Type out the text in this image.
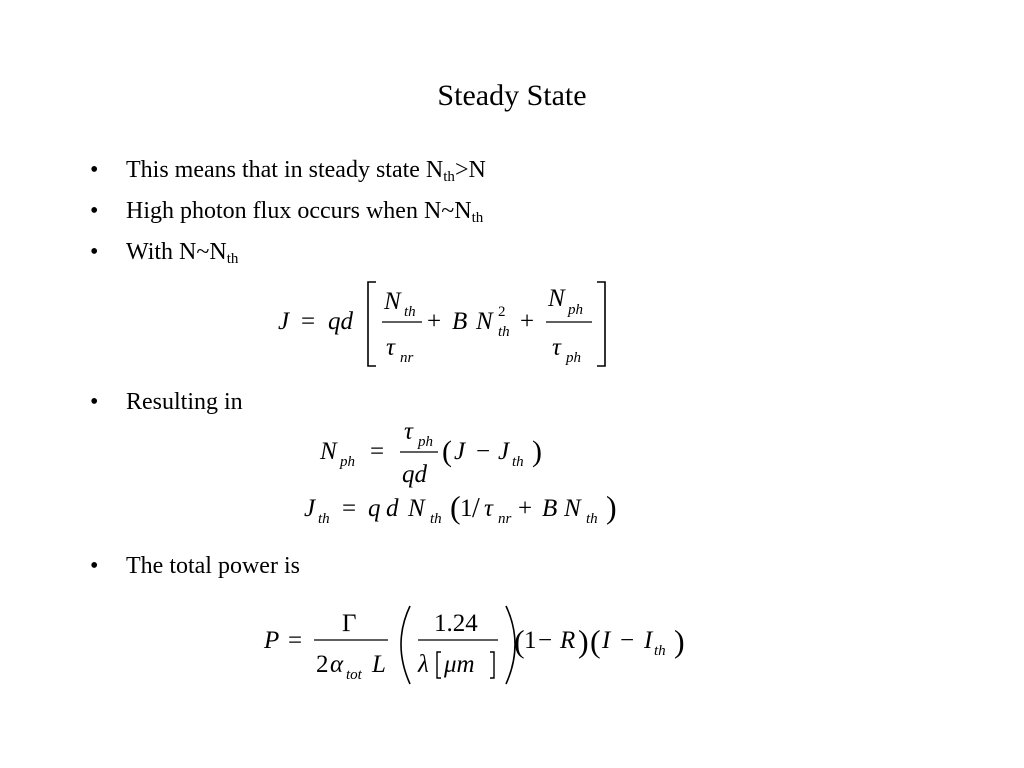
Steady State
• This means that in steady state $N_{th}>N$
• High photon flux occurs when $N\sim N_{th}$
• With $N\sim N_{th}$
J = qd
N th
τ nr
+ B N 2
th +
N ph
τ ph
• Resulting in
N ph =
τ ph
qd
( J − J th )
J th = q d N th ( 1 / τ nr + B N th )
• The total power is
P =
Γ
2 α tot L
1.24
λ μm
( 1 − R ) ( I − I th )
